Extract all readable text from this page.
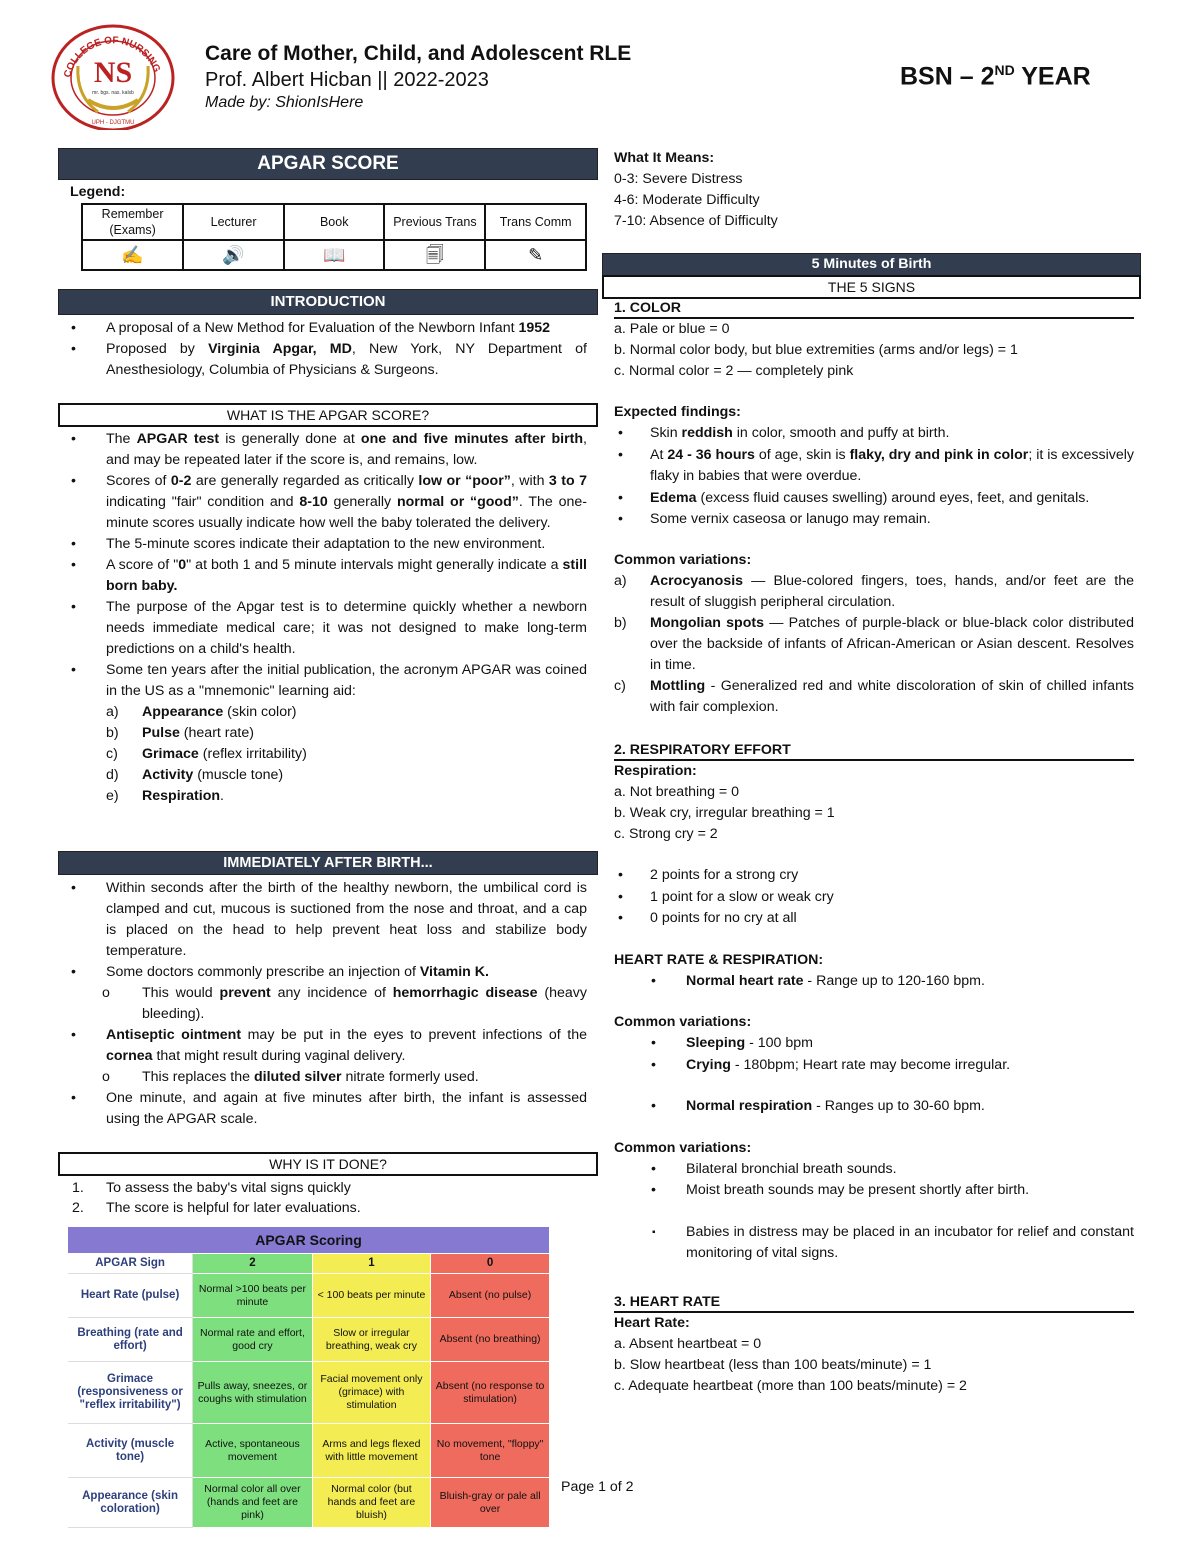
COLLEGE OF NURSING
NS
mr. bgs. nas. kalsb
UPH - DJGTMU
Care of Mother, Child, and Adolescent RLE
Prof. Albert Hicban || 2022-2023
Made by: ShionIsHere
BSN – 2ND YEAR
APGAR SCORE
Legend:
Remember (Exams)	Lecturer	Book	Previous Trans	Trans Comm
✍	🔊	📖	🗐	✎
INTRODUCTION
• A proposal of a New Method for Evaluation of the Newborn Infant 1952
• Proposed by Virginia Apgar, MD, New York, NY Department of Anesthesiology, Columbia of Physicians & Surgeons.
WHAT IS THE APGAR SCORE?
• The APGAR test is generally done at one and five minutes after birth, and may be repeated later if the score is, and remains, low.
• Scores of 0-2 are generally regarded as critically low or “poor”, with 3 to 7 indicating "fair" condition and 8-10 generally normal or “good”. The one-minute scores usually indicate how well the baby tolerated the delivery.
• The 5-minute scores indicate their adaptation to the new environment.
• A score of "0" at both 1 and 5 minute intervals might generally indicate a still born baby.
• The purpose of the Apgar test is to determine quickly whether a newborn needs immediate medical care; it was not designed to make long-term predictions on a child's health.
• Some ten years after the initial publication, the acronym APGAR was coined in the US as a "mnemonic" learning aid:
a) Appearance (skin color)
b) Pulse (heart rate)
c) Grimace (reflex irritability)
d) Activity (muscle tone)
e) Respiration.
IMMEDIATELY AFTER BIRTH...
• Within seconds after the birth of the healthy newborn, the umbilical cord is clamped and cut, mucous is suctioned from the nose and throat, and a cap is placed on the head to help prevent heat loss and stabilize body temperature.
• Some doctors commonly prescribe an injection of Vitamin K.
o This would prevent any incidence of hemorrhagic disease (heavy bleeding).
• Antiseptic ointment may be put in the eyes to prevent infections of the cornea that might result during vaginal delivery.
o This replaces the diluted silver nitrate formerly used.
• One minute, and again at five minutes after birth, the infant is assessed using the APGAR scale.
WHY IS IT DONE?
1. To assess the baby's vital signs quickly
2. The score is helpful for later evaluations.
APGAR Scoring			
APGAR Sign	2	1	0
Heart Rate (pulse)	Normal >100 beats per minute	< 100 beats per minute	Absent (no pulse)
Breathing (rate and effort)	Normal rate and effort, good cry	Slow or irregular breathing, weak cry	Absent (no breathing)
Grimace (responsiveness or "reflex irritability")	Pulls away, sneezes, or coughs with stimulation	Facial movement only (grimace) with stimulation	Absent (no response to stimulation)
Activity (muscle tone)	Active, spontaneous movement	Arms and legs flexed with little movement	No movement, "floppy" tone
Appearance (skin coloration)	Normal color all over (hands and feet are pink)	Normal color (but hands and feet are bluish)	Bluish-gray or pale all over
Page 1 of 2
What It Means:
0-3: Severe Distress
4-6: Moderate Difficulty
7-10: Absence of Difficulty
5 Minutes of Birth
THE 5 SIGNS
1. COLOR
a. Pale or blue = 0
b. Normal color body, but blue extremities (arms and/or legs) = 1
c. Normal color = 2 — completely pink
Expected findings:
• Skin reddish in color, smooth and puffy at birth.
• At 24 - 36 hours of age, skin is flaky, dry and pink in color; it is excessively flaky in babies that were overdue.
• Edema (excess fluid causes swelling) around eyes, feet, and genitals.
• Some vernix caseosa or lanugo may remain.
Common variations:
a) Acrocyanosis — Blue-colored fingers, toes, hands, and/or feet are the result of sluggish peripheral circulation.
b) Mongolian spots — Patches of purple-black or blue-black color distributed over the backside of infants of African-American or Asian descent. Resolves in time.
c) Mottling - Generalized red and white discoloration of skin of chilled infants with fair complexion.
2. RESPIRATORY EFFORT
Respiration:
a. Not breathing = 0
b. Weak cry, irregular breathing = 1
c. Strong cry = 2
• 2 points for a strong cry
• 1 point for a slow or weak cry
• 0 points for no cry at all
HEART RATE & RESPIRATION:
• Normal heart rate - Range up to 120-160 bpm.
Common variations:
• Sleeping - 100 bpm
• Crying - 180bpm; Heart rate may become irregular.
• Normal respiration - Ranges up to 30-60 bpm.
Common variations:
• Bilateral bronchial breath sounds.
• Moist breath sounds may be present shortly after birth.
▪ Babies in distress may be placed in an incubator for relief and constant monitoring of vital signs.
3. HEART RATE
Heart Rate:
a. Absent heartbeat = 0
b. Slow heartbeat (less than 100 beats/minute) = 1
c. Adequate heartbeat (more than 100 beats/minute) = 2
